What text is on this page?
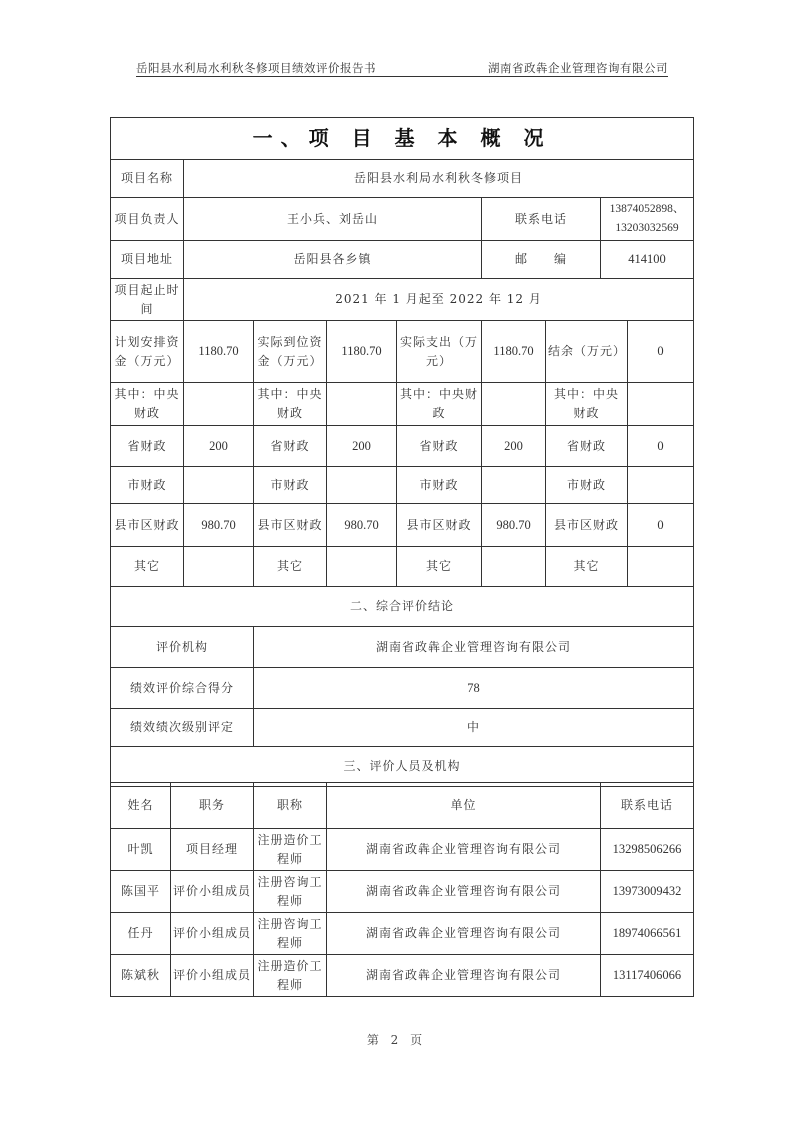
岳阳县水利局水利秋冬修项目绩效评价报告书	湖南省政犇企业管理咨询有限公司
一、项 目 基 本 概 况								
项目名称	岳阳县水利局水利秋冬修项目							
项目负责人	王小兵、刘岳山				联系电话		13874052898、13203032569	
项目地址	岳阳县各乡镇				邮　　编		414100	
项目起止时间	2021 年 1 月起至 2022 年 12 月							
计划安排资金（万元）	1180.70	实际到位资金（万元）	1180.70	实际支出（万元）	1180.70	结余（万元）		0
其中：中央财政		其中：中央财政		其中：中央财政		其中：中央财政		
省财政	200	省财政	200	省财政	200	省财政		0
市财政		市财政		市财政		市财政		
县市区财政	980.70	县市区财政	980.70	县市区财政	980.70	县市区财政		0
其它		其它		其它		其它		
二、综合评价结论								
评价机构		湖南省政犇企业管理咨询有限公司						
绩效评价综合得分		78						
绩效绩次级别评定		中						
三、评价人员及机构								
姓名	职务	职称	单位	联系电话
叶凯	项目经理	注册造价工程师	湖南省政犇企业管理咨询有限公司	13298506266
陈国平	评价小组成员	注册咨询工程师	湖南省政犇企业管理咨询有限公司	13973009432
任丹	评价小组成员	注册咨询工程师	湖南省政犇企业管理咨询有限公司	18974066561
陈斌秋	评价小组成员	注册造价工程师	湖南省政犇企业管理咨询有限公司	13117406066
第 2 页
